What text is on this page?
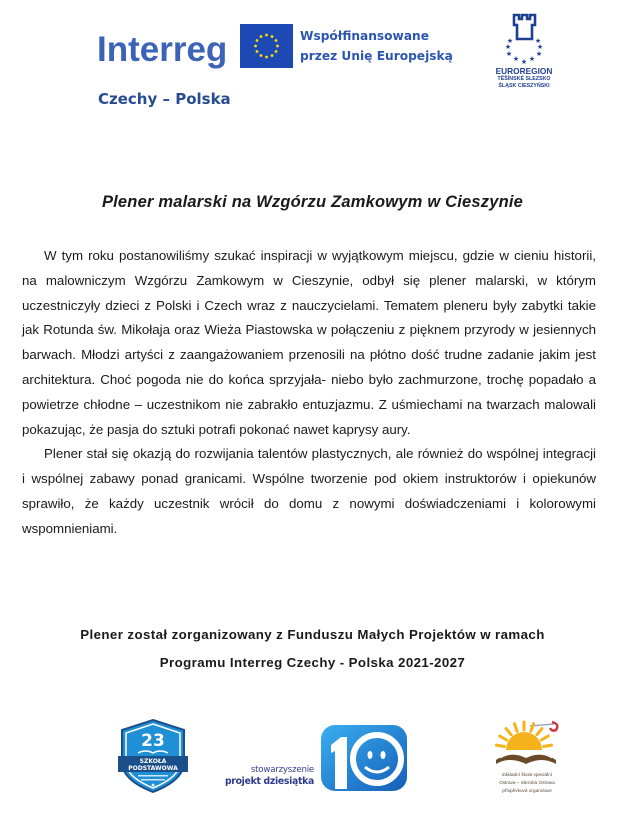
Interreg
Czechy – Polska
Współfinansowane
przez Unię Europejską
★	★
★	★
★ ★
★
★	★
EUROREGION
TĚŠÍNSKÉ SLEZSKO
ŚLĄSK CIESZYŃSKI
Plener malarski na Wzgórzu Zamkowym w Cieszynie

W tym roku postanowiliśmy szukać inspiracji w wyjątkowym miejscu, gdzie w cieniu historii, na malowniczym Wzgórzu Zamkowym w Cieszynie, odbył się plener malarski, w którym uczestniczyły dzieci z Polski i Czech wraz z nauczycielami. Tematem pleneru były zabytki takie jak Rotunda św. Mikołaja oraz Wieża Piastowska w połączeniu z pięknem przyrody w jesiennych barwach. Młodzi artyści z zaangażowaniem przenosili na płótno dość trudne zadanie jakim jest architektura. Choć pogoda nie do końca sprzyjała- niebo było zachmurzone, trochę popadało a powietrze chłodne – uczestnikom nie zabrakło entuzjazmu. Z uśmiechami na twarzach malowali pokazując, że pasja do sztuki potrafi pokonać nawet kaprysy aury.

Plener stał się okazją do rozwijania talentów plastycznych, ale również do wspólnej integracji i wspólnej zabawy ponad granicami. Wspólne tworzenie pod okiem instruktorów i opiekunów sprawiło, że każdy uczestnik wrócił do domu z nowymi doświadczeniami i kolorowymi wspomnieniami.

Plener został zorganizowany z Funduszu Małych Projektów w ramach
Programu Interreg Czechy - Polska 2021-2027
23
SZKOŁA
PODSTAWOWA	stowarzyszenie
projekt dziesiątka
Základní škola speciální
Ostrava – Slezská Ostrava
příspěvková organizace
